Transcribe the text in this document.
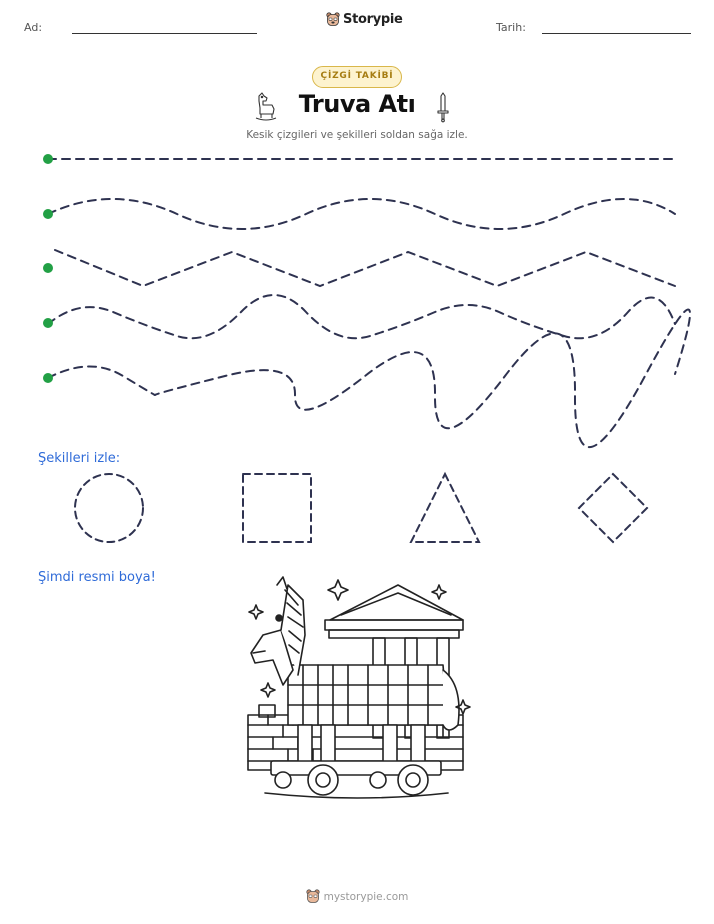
Ad:
Storypie
Tarih:
ÇİZGİ TAKİBİ
Truva Atı
Kesik çizgileri ve şekilleri soldan sağa izle.
Şekilleri izle:
Şimdi resmi boya!
mystorypie.com
